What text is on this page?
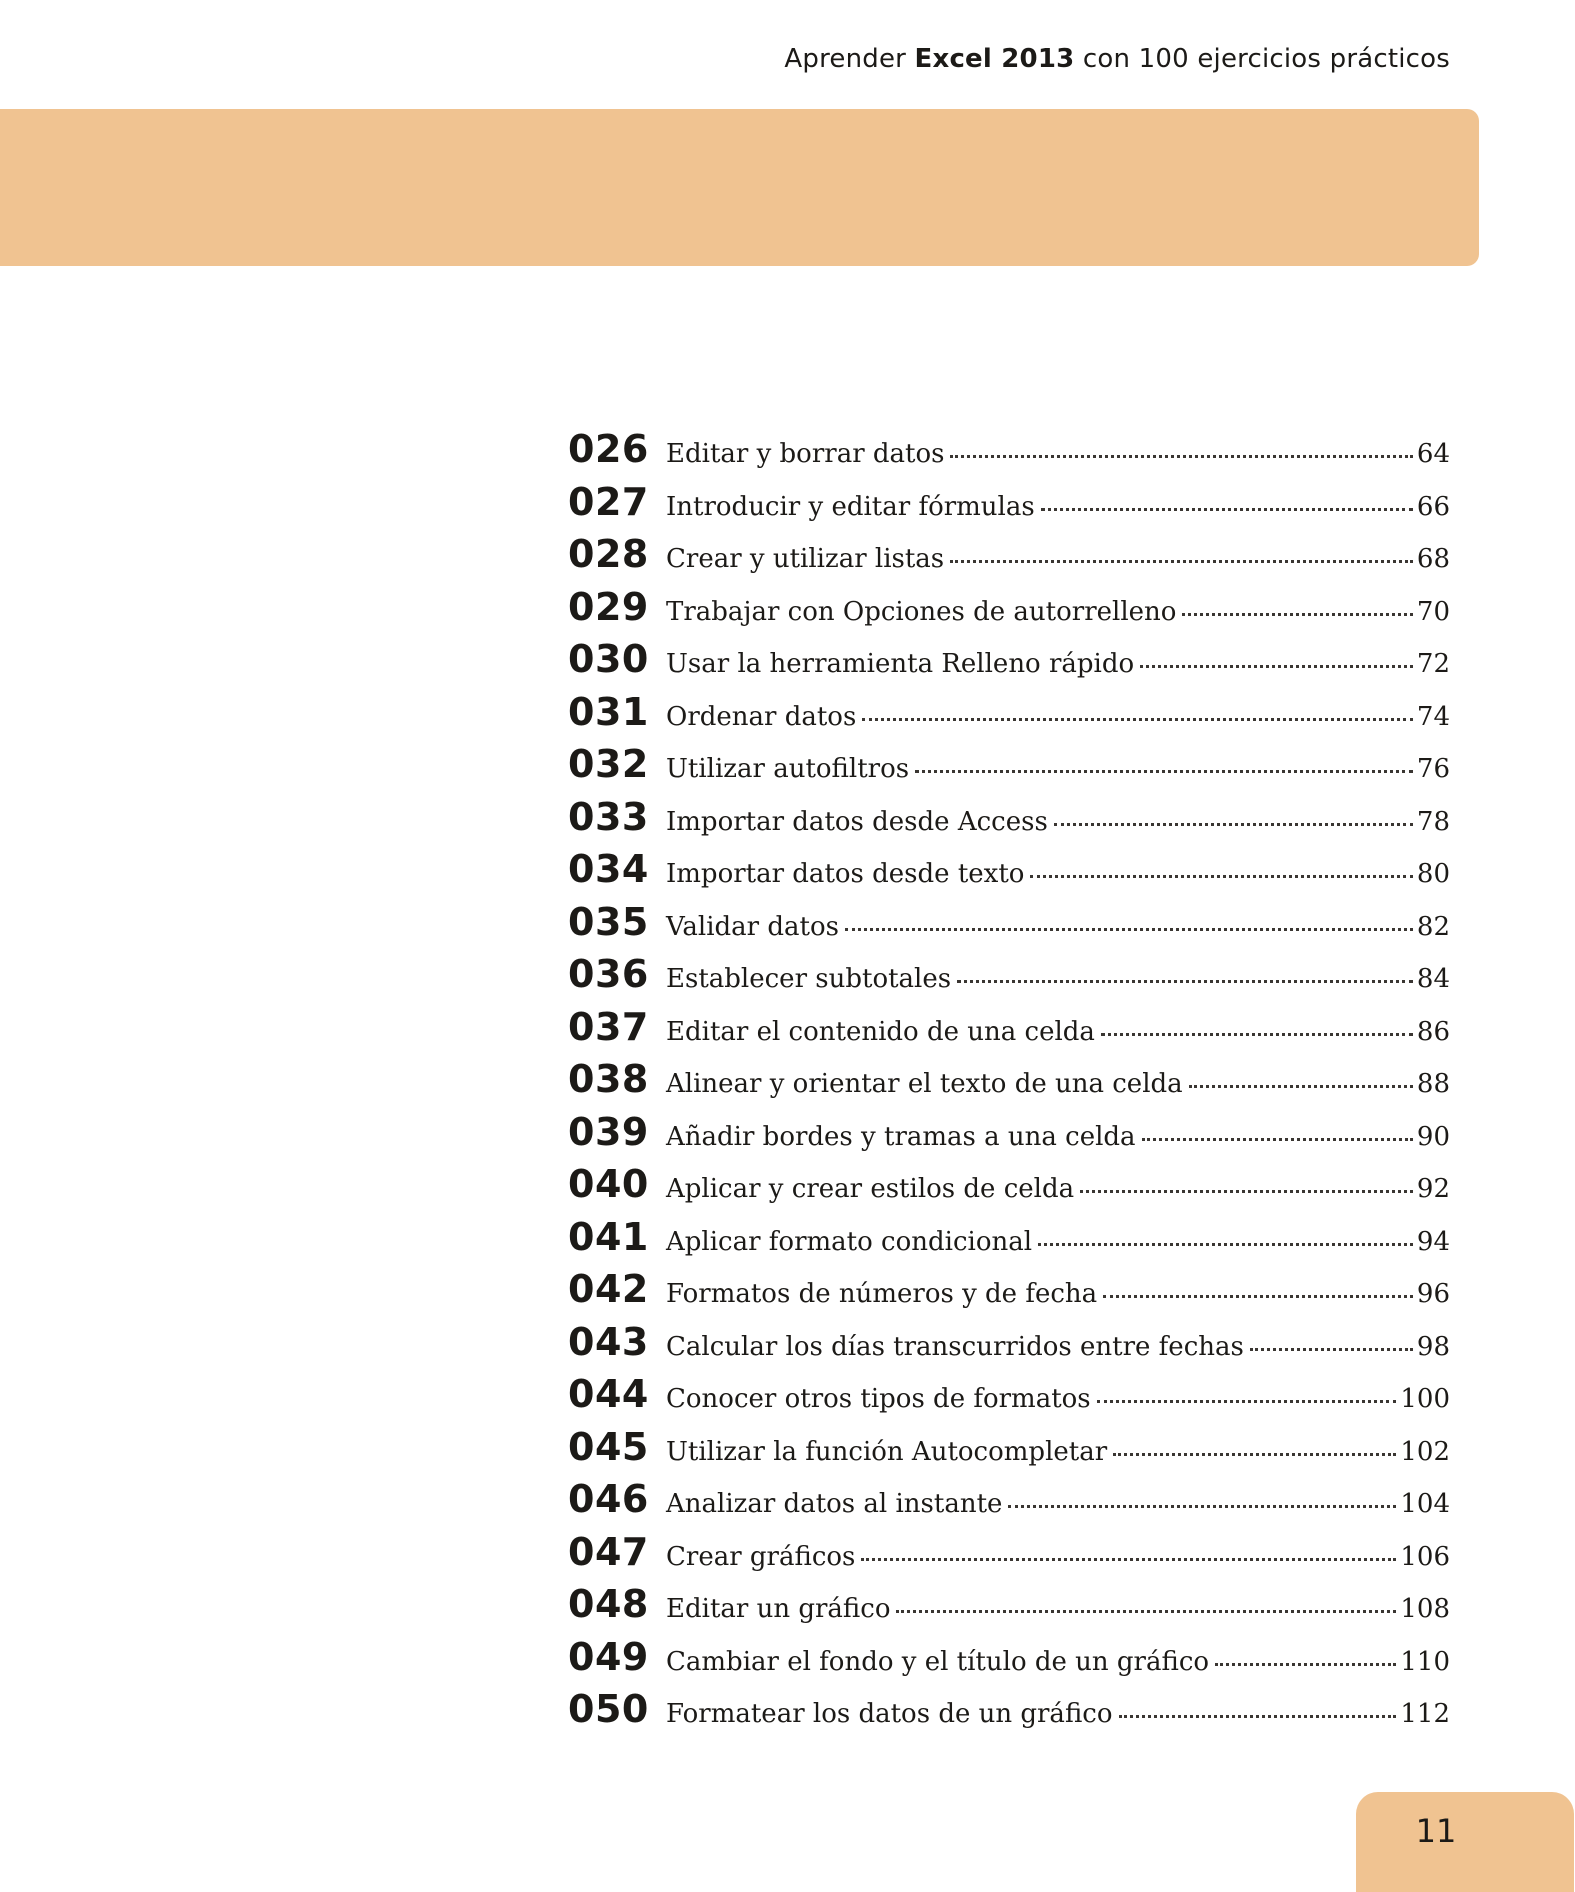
Aprender Excel 2013 con 100 ejercicios prácticos
026 Editar y borrar datos	64
027 Introducir y editar fórmulas	66
028 Crear y utilizar listas	68
029 Trabajar con Opciones de autorrelleno	70
030 Usar la herramienta Relleno rápido	72
031 Ordenar datos	74
032 Utilizar autofiltros	76
033 Importar datos desde Access	78
034 Importar datos desde texto	80
035 Validar datos	82
036 Establecer subtotales	84
037 Editar el contenido de una celda	86
038 Alinear y orientar el texto de una celda	88
039 Añadir bordes y tramas a una celda	90
040 Aplicar y crear estilos de celda	92
041 Aplicar formato condicional	94
042 Formatos de números y de fecha	96
043 Calcular los días transcurridos entre fechas	98
044 Conocer otros tipos de formatos	100
045 Utilizar la función Autocompletar	102
046 Analizar datos al instante	104
047 Crear gráficos	106
048 Editar un gráfico	108
049 Cambiar el fondo y el título de un gráfico	110
050 Formatear los datos de un gráfico	112
11
